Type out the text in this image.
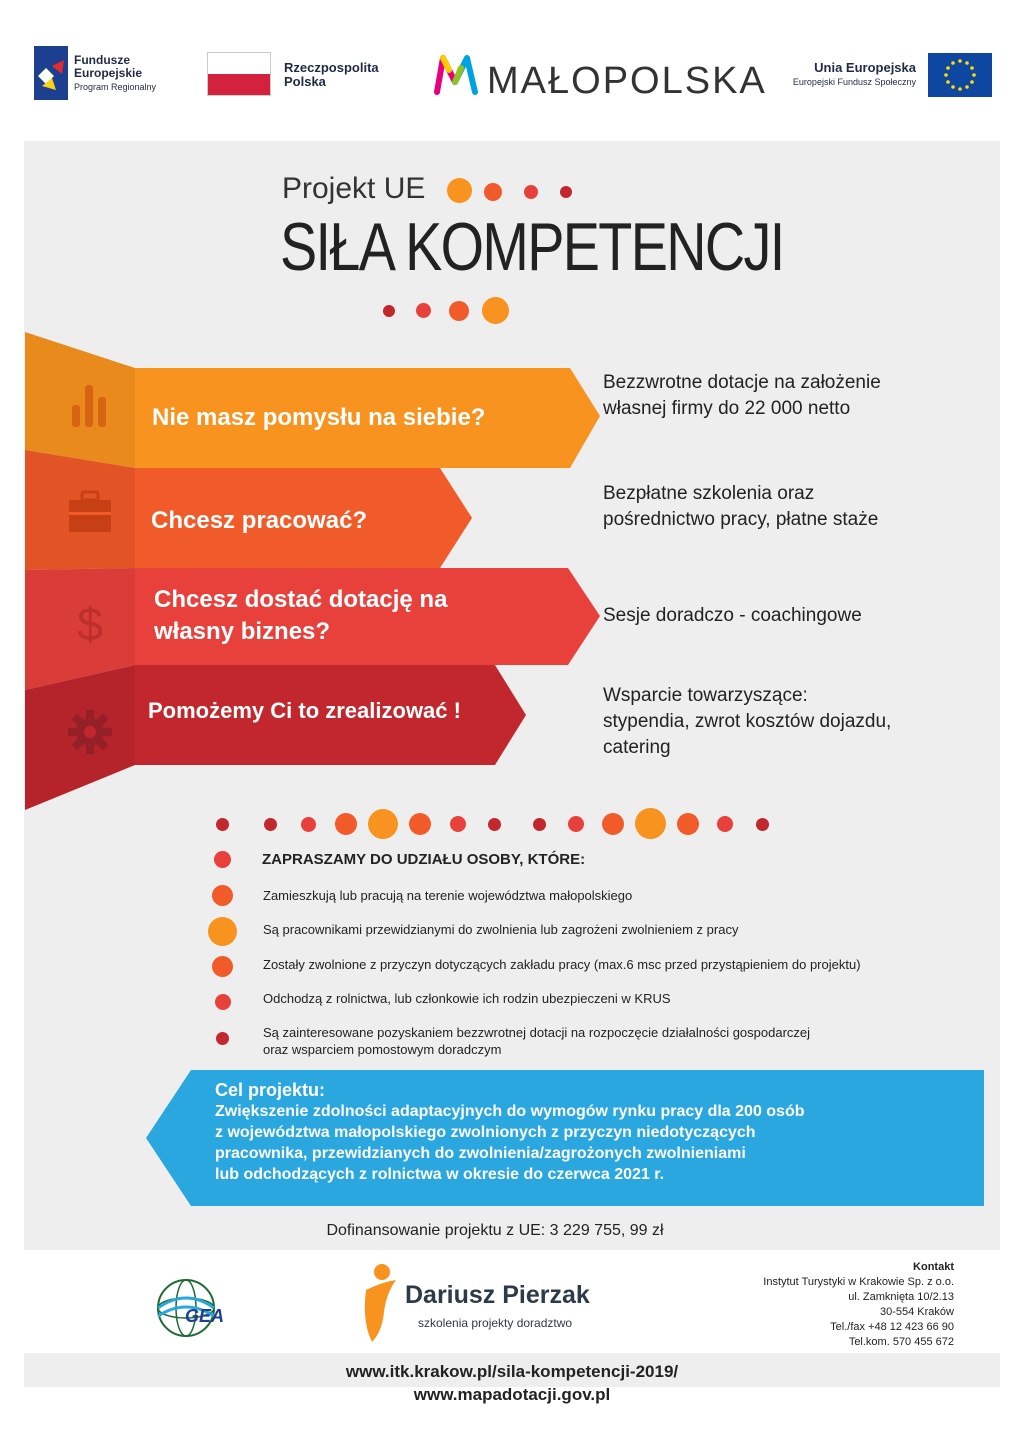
Fundusze
Europejskie
Program Regionalny
Rzeczpospolita
Polska	MAŁOPOLSKA	Unia Europejska
Europejski Fundusz Społeczny
Projekt UE
SIŁA KOMPETENCJI
$
Nie masz pomysłu na siebie?
Chcesz pracować?
Chcesz dostać dotację na
własny biznes?
Pomożemy Ci to zrealizować !
Bezzwrotne dotacje na założenie
własnej firmy do 22 000 netto
Bezpłatne szkolenia oraz
pośrednictwo pracy, płatne staże
Sesje doradczo - coachingowe
Wsparcie towarzyszące:
stypendia, zwrot kosztów dojazdu,
catering
ZAPRASZAMY DO UDZIAŁU OSOBY, KTÓRE:
Zamieszkują lub pracują na terenie województwa małopolskiego
Są pracownikami przewidzianymi do zwolnienia lub zagrożeni zwolnieniem z pracy
Zostały zwolnione z przyczyn dotyczących zakładu pracy (max.6 msc przed przystąpieniem do projektu)
Odchodzą z rolnictwa, lub członkowie ich rodzin ubezpieczeni w KRUS
Są zainteresowane pozyskaniem bezzwrotnej dotacji na rozpoczęcie działalności gospodarczej
oraz wsparciem pomostowym doradczym
Cel projektu:
Zwiększenie zdolności adaptacyjnych do wymogów rynku pracy dla 200 osób
z województwa małopolskiego zwolnionych z przyczyn niedotyczących
pracownika, przewidzianych do zwolnienia/zagrożonych zwolnieniami
lub odchodzących z rolnictwa w okresie do czerwca 2021 r.
Dofinansowanie projektu z UE: 3 229 755, 99 zł
GEA
Dariusz Pierzak
szkolenia projekty doradztwo
Kontakt
Instytut Turystyki w Krakowie Sp. z o.o.
ul. Zamknięta 10/2.13
30-554 Kraków
Tel./fax +48 12 423 66 90
Tel.kom. 570 455 672
www.itk.krakow.pl/sila-kompetencji-2019/
www.mapadotacji.gov.pl
